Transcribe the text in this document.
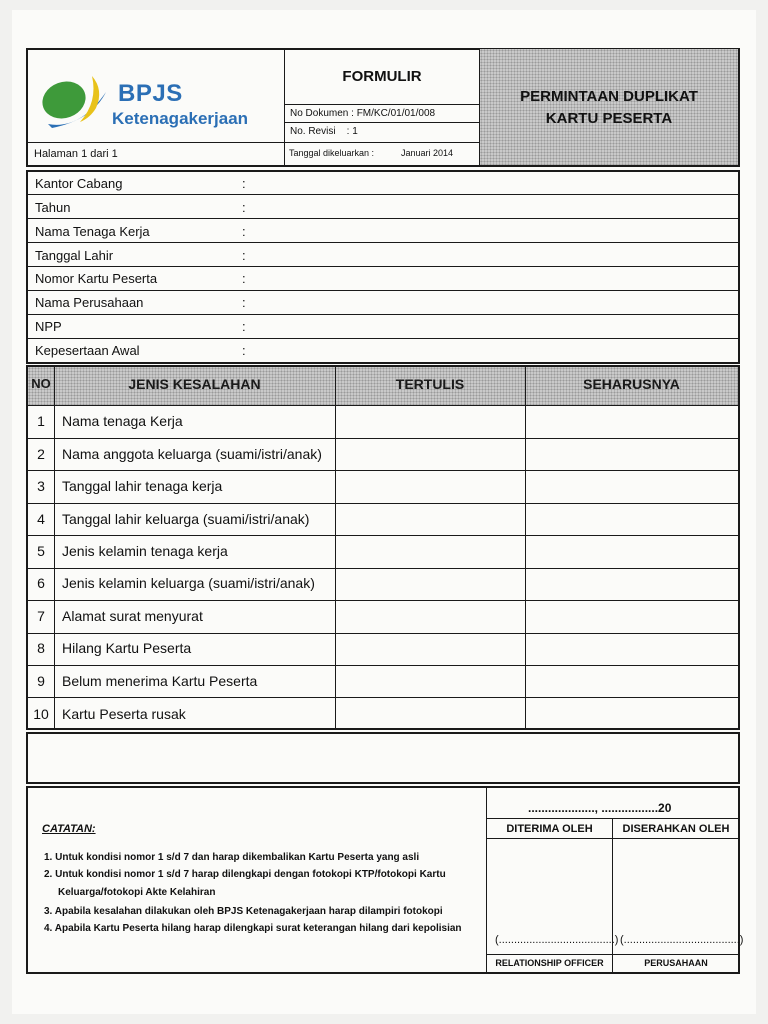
BPJS
Ketenagakerjaan
Halaman 1 dari 1
FORMULIR
No Dokumen : FM/KC/01/01/008
No. Revisi    : 1
Tanggal dikeluarkan :	Januari 2014
PERMINTAAN DUPLIKAT
KARTU PESERTA
Kantor Cabang	:
Tahun	:
Nama Tenaga Kerja	:
Tanggal Lahir	:
Nomor Kartu Peserta	:
Nama Perusahaan	:
NPP	:
Kepesertaan Awal	:
NO	JENIS KESALAHAN	TERTULIS	SEHARUSNYA
1	Nama tenaga Kerja
2	Nama anggota keluarga (suami/istri/anak)
3	Tanggal lahir tenaga kerja
4	Tanggal lahir keluarga (suami/istri/anak)
5	Jenis kelamin tenaga kerja
6	Jenis kelamin keluarga (suami/istri/anak)
7	Alamat surat menyurat
8	Hilang Kartu Peserta
9	Belum menerima Kartu Peserta
10 Kartu Peserta rusak
...................., .................20
DITERIMA OLEH	DISERAHKAN OLEH
(......................................) (......................................)
RELATIONSHIP OFFICER	PERUSAHAAN
CATATAN:
1. Untuk kondisi nomor 1 s/d 7 dan harap dikembalikan Kartu Peserta yang asli
2. Untuk kondisi nomor 1 s/d 7 harap dilengkapi dengan fotokopi KTP/fotokopi Kartu
Keluarga/fotokopi Akte Kelahiran
3. Apabila kesalahan dilakukan oleh BPJS Ketenagakerjaan harap dilampiri fotokopi
4. Apabila Kartu Peserta hilang harap dilengkapi surat keterangan hilang dari kepolisian
